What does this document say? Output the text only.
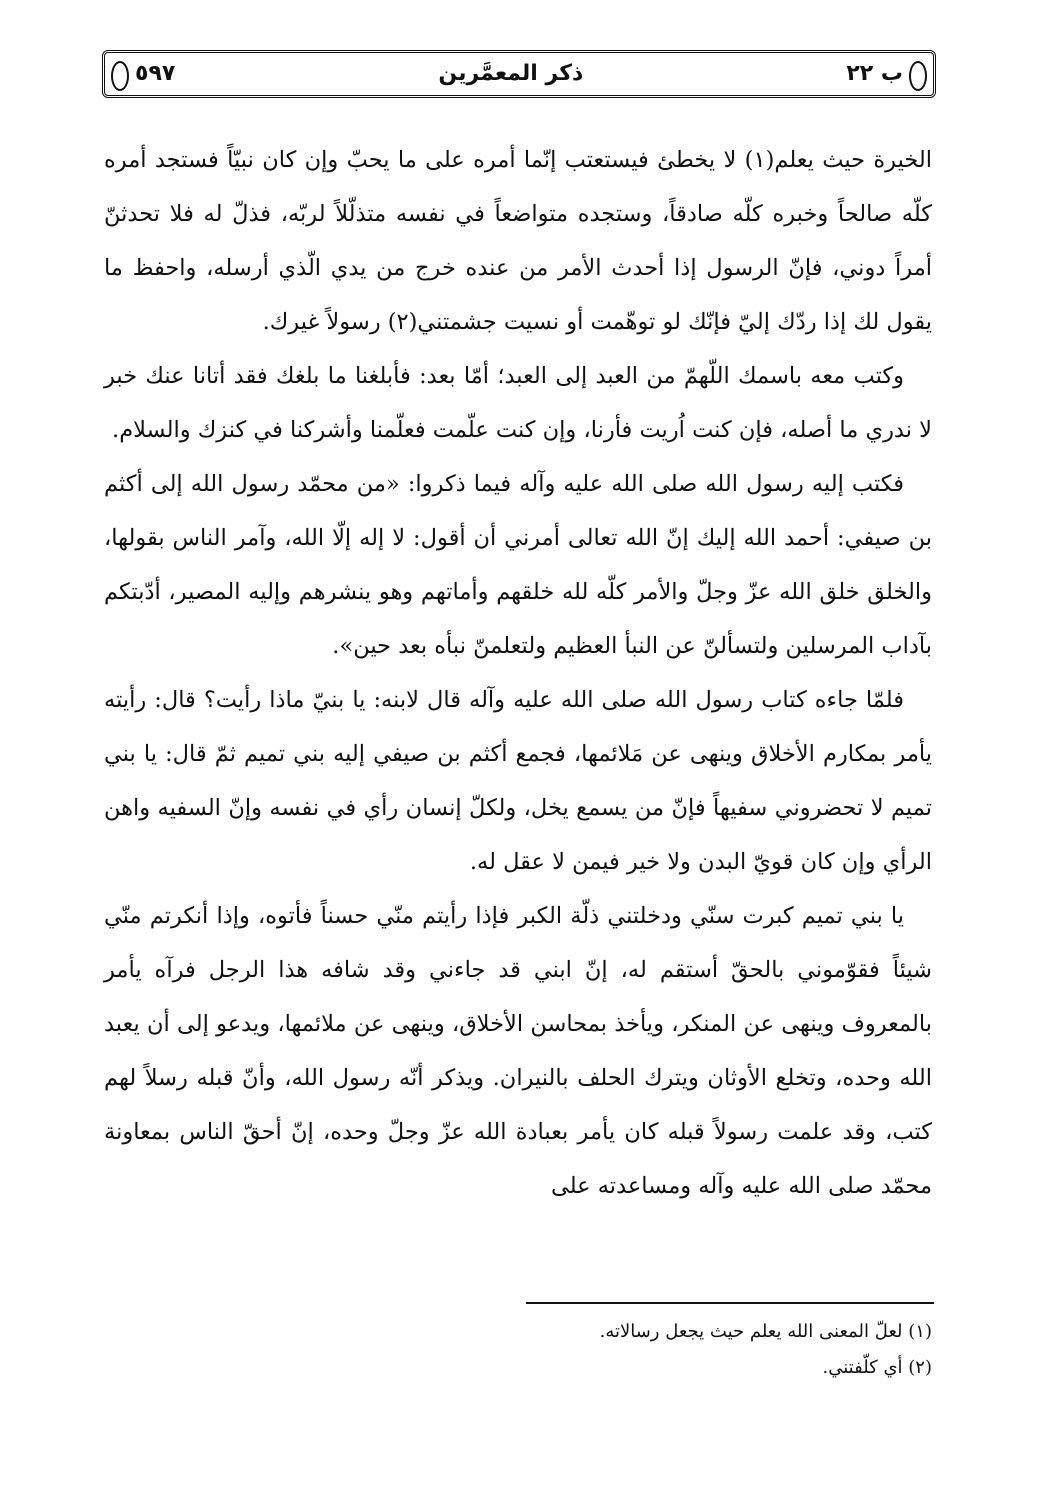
ب ٢٢
ذكر المعمَّرين
٥٩٧

الخيرة حيث يعلم(١) لا يخطئ فيستعتب إنّما أمره على ما يحبّ وإن كان نبيّاً فستجد أمره كلّه صالحاً وخبره كلّه صادقاً، وستجده متواضعاً في نفسه متذلّلاً لربّه، فذلّ له فلا تحدثنّ أمراً دوني، فإنّ الرسول إذا أحدث الأمر من عنده خرج من يدي الّذي أرسله، واحفظ ما يقول لك إذا ردّك إليّ فإنّك لو توهّمت أو نسيت جشمتني(٢) رسولاً غيرك.

وكتب معه باسمك اللّهمّ من العبد إلى العبد؛ أمّا بعد: فأبلغنا ما بلغك فقد أتانا عنك خبر لا ندري ما أصله، فإن كنت اُريت فأرنا، وإن كنت علّمت فعلّمنا وأشركنا في كنزك والسلام.

فكتب إليه رسول الله صلى الله عليه وآله فيما ذكروا: «من محمّد رسول الله إلى أكثم بن صيفي: أحمد الله إليك إنّ الله تعالى أمرني أن أقول: لا إله إلّا الله، وآمر الناس بقولها، والخلق خلق الله عزّ وجلّ والأمر كلّه لله خلقهم وأماتهم وهو ينشرهم وإليه المصير، أدّبتكم بآداب المرسلين ولتسألنّ عن النبأ العظيم ولتعلمنّ نبأه بعد حين».

فلمّا جاءه كتاب رسول الله صلى الله عليه وآله قال لابنه: يا بنيّ ماذا رأيت؟ قال: رأيته يأمر بمكارم الأخلاق وينهى عن مَلائمها، فجمع أكثم بن صيفي إليه بني تميم ثمّ قال: يا بني تميم لا تحضروني سفيهاً فإنّ من يسمع يخل، ولكلّ إنسان رأي في نفسه وإنّ السفيه واهن الرأي وإن كان قويّ البدن ولا خير فيمن لا عقل له.

يا بني تميم كبرت سنّي ودخلتني ذلّة الكبر فإذا رأيتم منّي حسناً فأتوه، وإذا أنكرتم منّي شيئاً فقوّموني بالحقّ أستقم له، إنّ ابني قد جاءني وقد شافه هذا الرجل فرآه يأمر بالمعروف وينهى عن المنكر، ويأخذ بمحاسن الأخلاق، وينهى عن ملائمها، ويدعو إلى أن يعبد الله وحده، وتخلع الأوثان ويترك الحلف بالنيران. ويذكر أنّه رسول الله، وأنّ قبله رسلاً لهم كتب، وقد علمت رسولاً قبله كان يأمر بعبادة الله عزّ وجلّ وحده، إنّ أحقّ الناس بمعاونة محمّد صلى الله عليه وآله ومساعدته على

(١) لعلّ المعنى الله يعلم حيث يجعل رسالاته.

(٢) أي كلّفتني.
